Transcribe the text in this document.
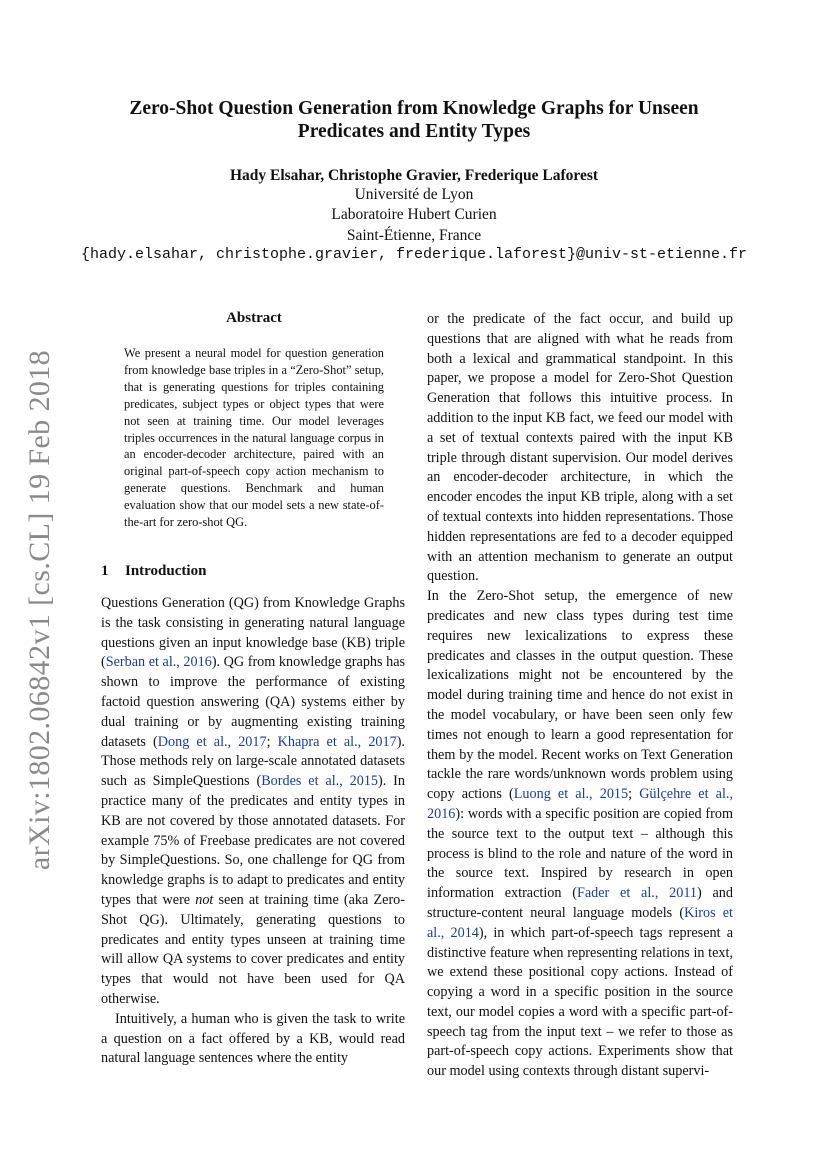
arXiv:1802.06842v1 [cs.CL] 19 Feb 2018
Zero-Shot Question Generation from Knowledge Graphs for Unseen Predicates and Entity Types
Hady Elsahar, Christophe Gravier, Frederique Laforest
Université de Lyon
Laboratoire Hubert Curien
Saint-Étienne, France
{hady.elsahar, christophe.gravier, frederique.laforest}@univ-st-etienne.fr
Abstract
We present a neural model for question generation from knowledge base triples in a “Zero-Shot” setup, that is generating questions for triples containing predicates, subject types or object types that were not seen at training time. Our model leverages triples occurrences in the natural language corpus in an encoder-decoder architecture, paired with an original part-of-speech copy action mechanism to generate questions. Benchmark and human evaluation show that our model sets a new state-of-the-art for zero-shot QG.
1 Introduction

Questions Generation (QG) from Knowledge Graphs is the task consisting in generating natural language questions given an input knowledge base (KB) triple (Serban et al., 2016). QG from knowledge graphs has shown to improve the performance of existing factoid question answering (QA) systems either by dual training or by augmenting existing training datasets (Dong et al., 2017; Khapra et al., 2017). Those methods rely on large-scale annotated datasets such as SimpleQuestions (Bordes et al., 2015). In practice many of the predicates and entity types in KB are not covered by those annotated datasets. For example 75% of Freebase predicates are not covered by SimpleQuestions. So, one challenge for QG from knowledge graphs is to adapt to predicates and entity types that were not seen at training time (aka Zero-Shot QG). Ultimately, generating questions to predicates and entity types unseen at training time will allow QA systems to cover predicates and entity types that would not have been used for QA otherwise.

Intuitively, a human who is given the task to write a question on a fact offered by a KB, would read natural language sentences where the entity

or the predicate of the fact occur, and build up questions that are aligned with what he reads from both a lexical and grammatical standpoint. In this paper, we propose a model for Zero-Shot Question Generation that follows this intuitive process. In addition to the input KB fact, we feed our model with a set of textual contexts paired with the input KB triple through distant supervision. Our model derives an encoder-decoder architecture, in which the encoder encodes the input KB triple, along with a set of textual contexts into hidden representations. Those hidden representations are fed to a decoder equipped with an attention mechanism to generate an output question.

In the Zero-Shot setup, the emergence of new predicates and new class types during test time requires new lexicalizations to express these predicates and classes in the output question. These lexicalizations might not be encountered by the model during training time and hence do not exist in the model vocabulary, or have been seen only few times not enough to learn a good representation for them by the model. Recent works on Text Generation tackle the rare words/unknown words problem using copy actions (Luong et al., 2015; Gülçehre et al., 2016): words with a specific position are copied from the source text to the output text – although this process is blind to the role and nature of the word in the source text. Inspired by research in open information extraction (Fader et al., 2011) and structure-content neural language models (Kiros et al., 2014), in which part-of-speech tags represent a distinctive feature when representing relations in text, we extend these positional copy actions. Instead of copying a word in a specific position in the source text, our model copies a word with a specific part-of-speech tag from the input text – we refer to those as part-of-speech copy actions. Experiments show that our model using contexts through distant supervi-
